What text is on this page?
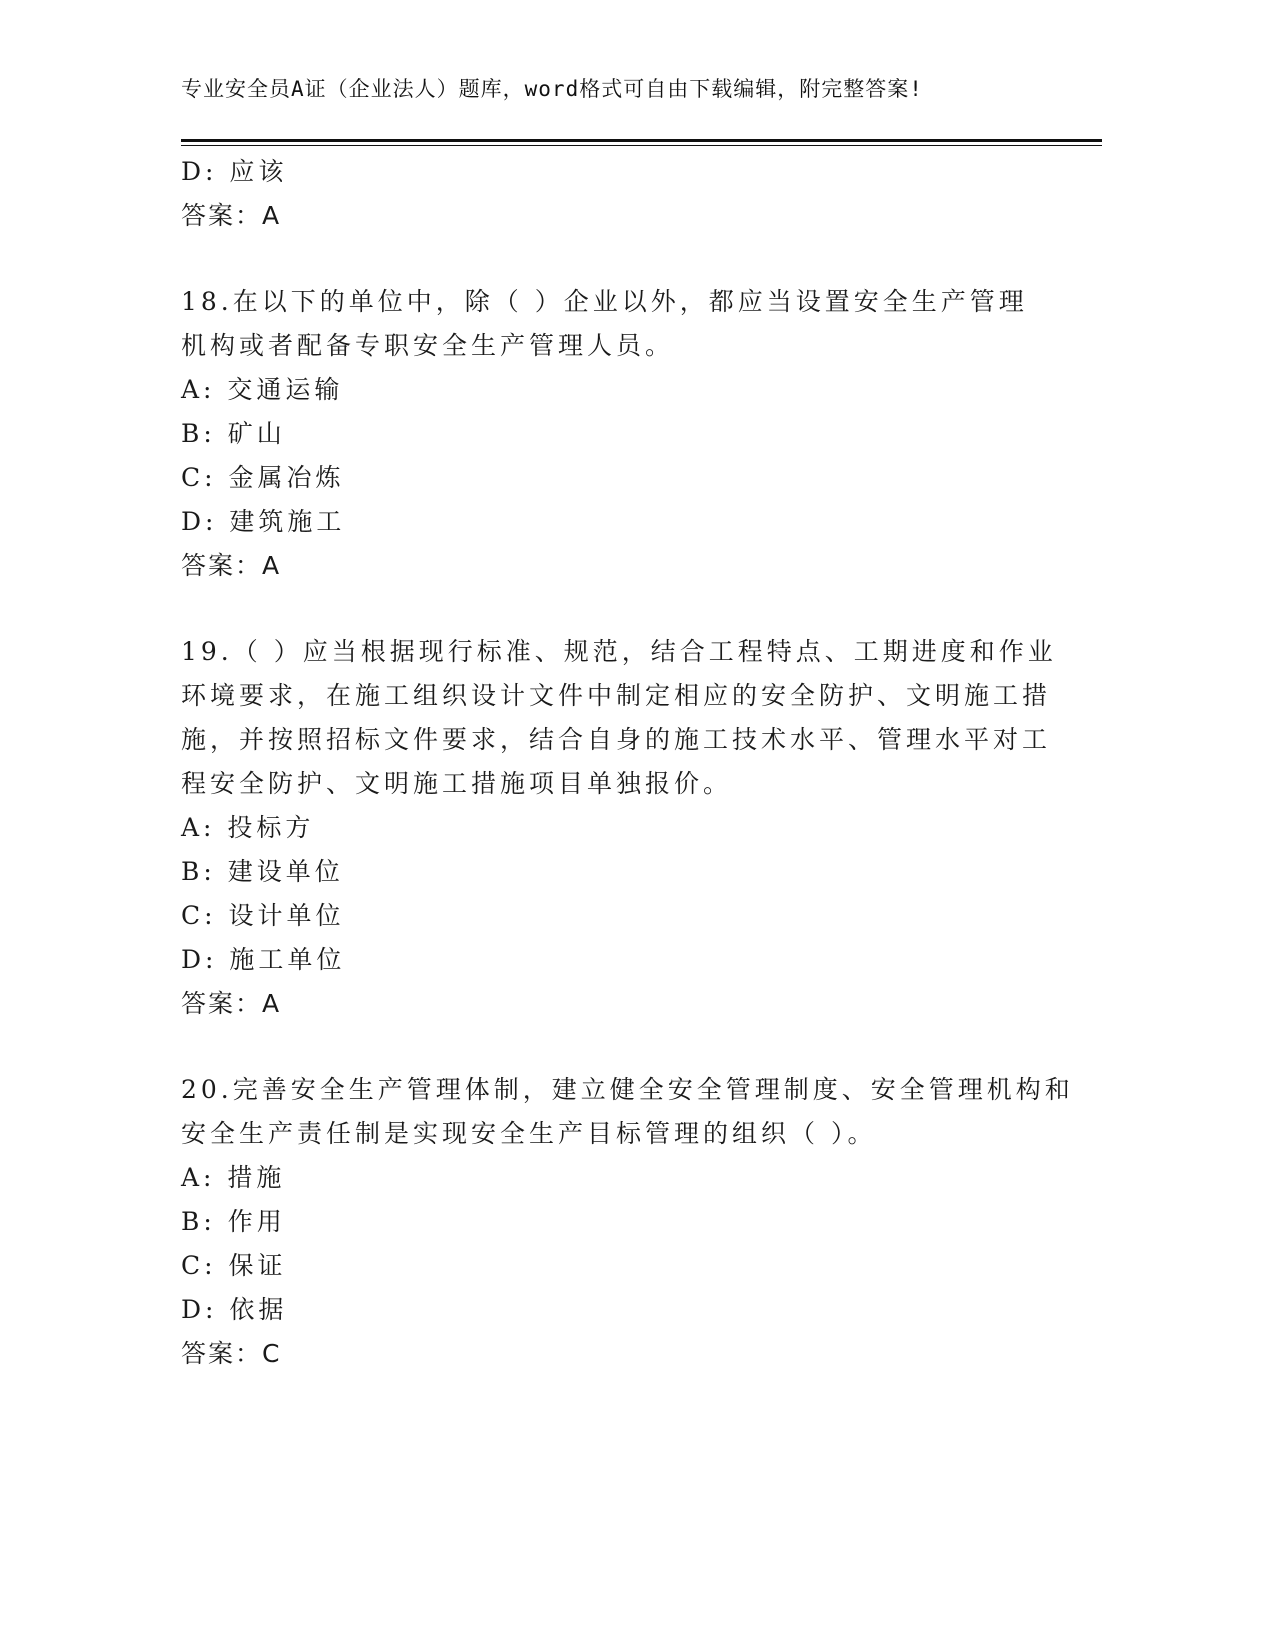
专业安全员A证（企业法人）题库，word格式可自由下载编辑，附完整答案!
D: 应该
答案：A
18.在以下的单位中，除（ ）企业以外，都应当设置安全生产管理
机构或者配备专职安全生产管理人员。
A: 交通运输
B: 矿山
C: 金属冶炼
D: 建筑施工
答案：A
19.（ ）应当根据现行标准、规范，结合工程特点、工期进度和作业
环境要求，在施工组织设计文件中制定相应的安全防护、文明施工措
施，并按照招标文件要求，结合自身的施工技术水平、管理水平对工
程安全防护、文明施工措施项目单独报价。
A: 投标方
B: 建设单位
C: 设计单位
D: 施工单位
答案：A
20.完善安全生产管理体制，建立健全安全管理制度、安全管理机构和
安全生产责任制是实现安全生产目标管理的组织（ ）。
A: 措施
B: 作用
C: 保证
D: 依据
答案：C
